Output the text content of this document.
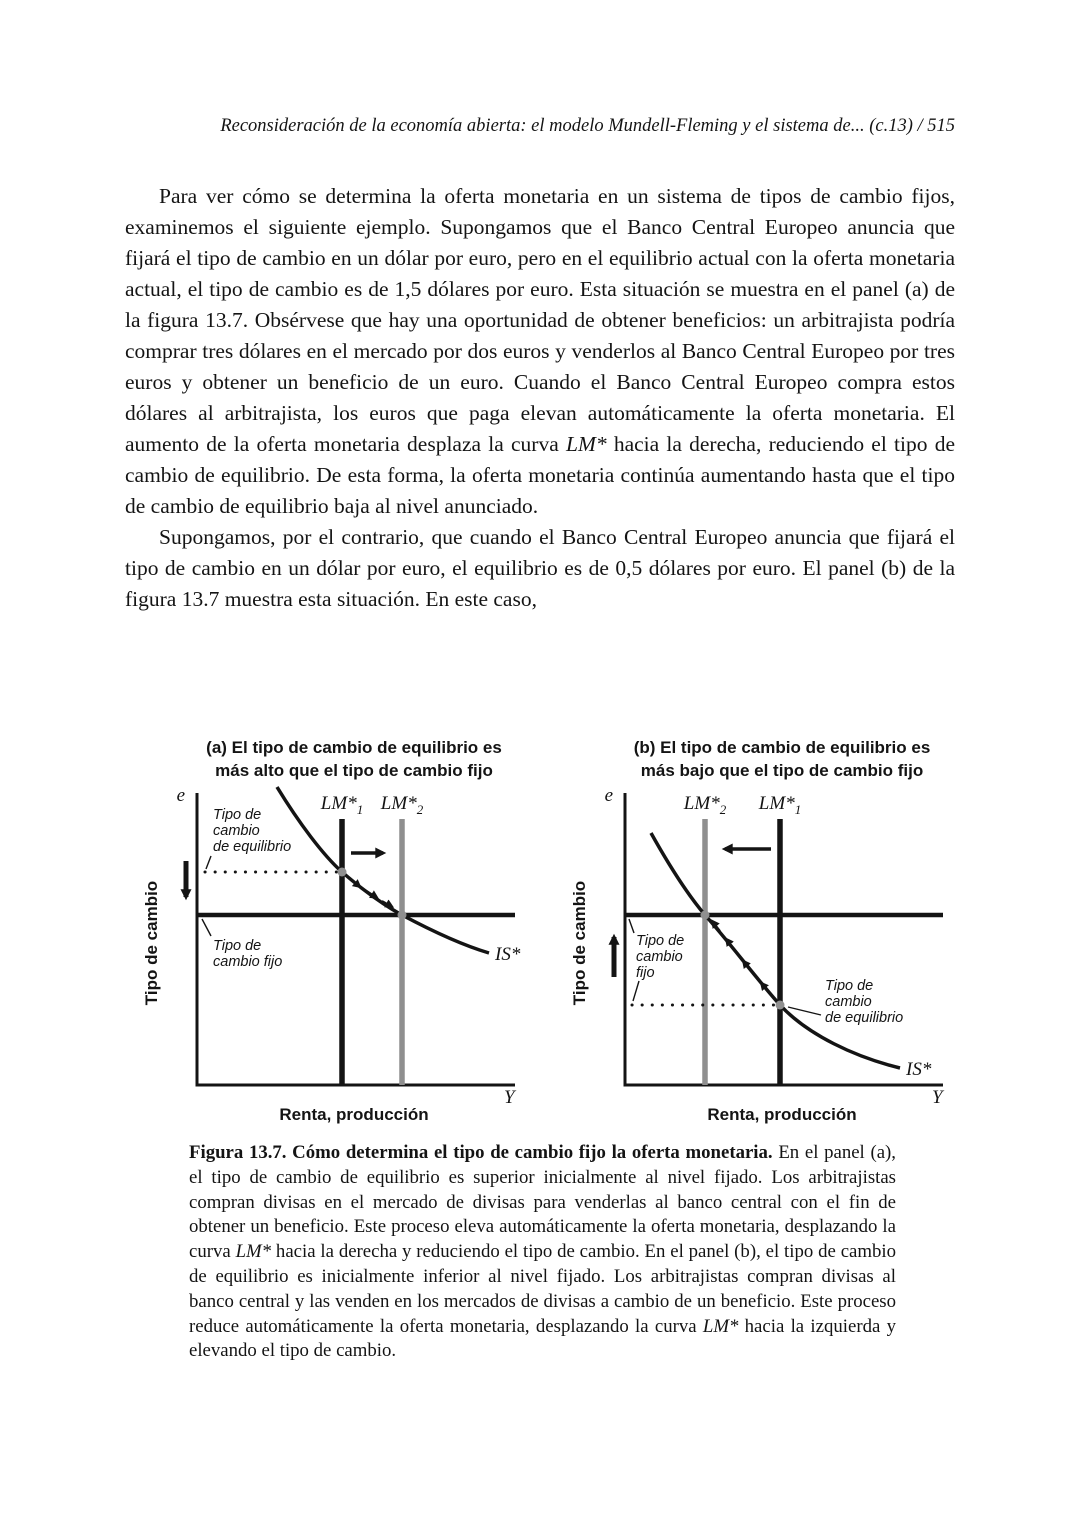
Reconsideración de la economía abierta: el modelo Mundell-Fleming y el sistema de... (c.13) / 515

Para ver cómo se determina la oferta monetaria en un sistema de tipos de cambio fijos, examinemos el siguiente ejemplo. Supongamos que el Banco Central Europeo anuncia que fijará el tipo de cambio en un dólar por euro, pero en el equilibrio actual con la oferta monetaria actual, el tipo de cambio es de 1,5 dólares por euro. Esta situación se muestra en el panel (a) de la figura 13.7. Obsérvese que hay una oportunidad de obtener beneficios: un arbitrajista podría comprar tres dólares en el mercado por dos euros y venderlos al Banco Central Europeo por tres euros y obtener un beneficio de un euro. Cuando el Banco Central Europeo compra estos dólares al arbitrajista, los euros que paga elevan automáticamente la oferta monetaria. El aumento de la oferta monetaria desplaza la curva LM* hacia la derecha, reduciendo el tipo de cambio de equilibrio. De esta forma, la oferta monetaria continúa aumentando hasta que el tipo de cambio de equilibrio baja al nivel anunciado.

Supongamos, por el contrario, que cuando el Banco Central Europeo anuncia que fijará el tipo de cambio en un dólar por euro, el equilibrio es de 0,5 dólares por euro. El panel (b) de la figura 13.7 muestra esta situación. En este caso,

(a) El tipo de cambio de equilibrio es
más alto que el tipo de cambio fijo
e	$LM*_1$ $LM*_2$
IS*
Y
Renta, producción
Tipo de cambio
Tipo de
cambio
de equilibrio
Tipo de
cambio fijo
(b) El tipo de cambio de equilibrio es
más bajo que el tipo de cambio fijo
e	$LM*_2$ $LM*_1$
IS*
Y
Renta, producción
Tipo de cambio	Tipo de
cambio
fijo
Tipo de
cambio
de equilibrio
Figura 13.7. Cómo determina el tipo de cambio fijo la oferta monetaria. En el panel (a), el tipo de cambio de equilibrio es superior inicialmente al nivel fijado. Los arbitrajistas compran divisas en el mercado de divisas para venderlas al banco central con el fin de obtener un beneficio. Este proceso eleva automáticamente la oferta monetaria, desplazando la curva LM* hacia la derecha y reduciendo el tipo de cambio. En el panel (b), el tipo de cambio de equilibrio es inicialmente inferior al nivel fijado. Los arbitrajistas compran divisas al banco central y las venden en los mercados de divisas a cambio de un beneficio. Este proceso reduce automáticamente la oferta monetaria, desplazando la curva LM* hacia la izquierda y elevando el tipo de cambio.
